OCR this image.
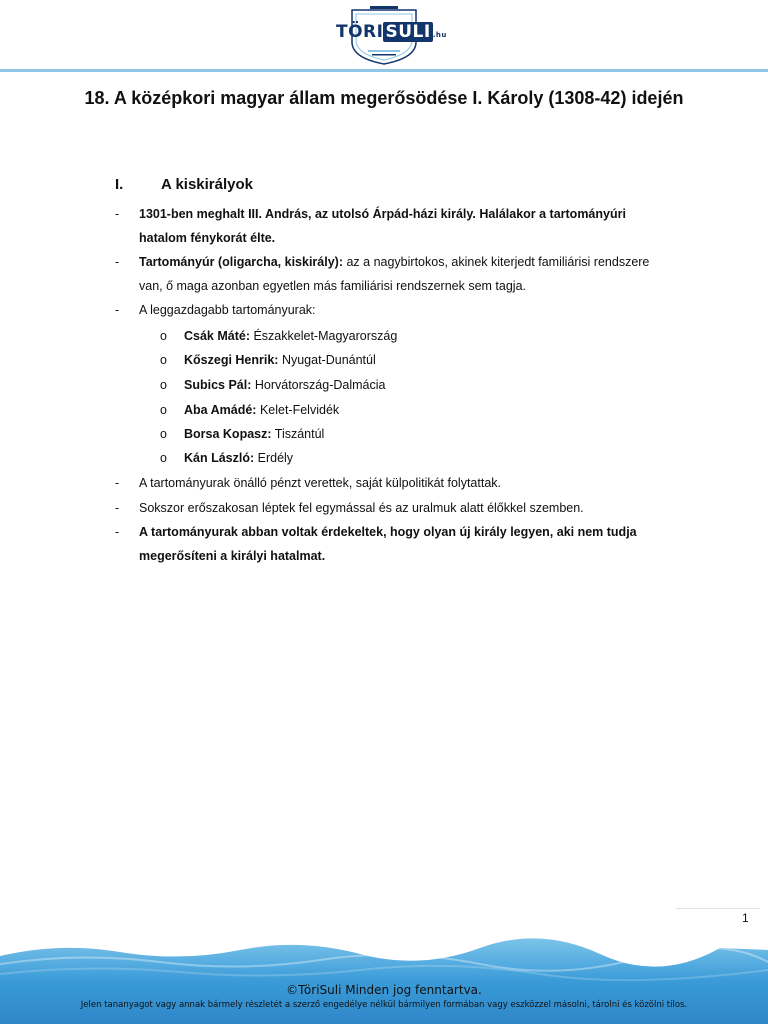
TÖRI SULI .hu
18. A középkori magyar állam megerősödése I. Károly (1308-42) idején
I.	A kiskirályok
- 1301-ben meghalt III. András, az utolsó Árpád-házi király. Halálakor a tartományúri hatalom fénykorát élte.
- Tartományúr (oligarcha, kiskirály): az a nagybirtokos, akinek kiterjedt familiárisi rendszere van, ő maga azonban egyetlen más familiárisi rendszernek sem tagja.
- A leggazdagabb tartományurak:
o Csák Máté: Északkelet-Magyarország
o Kőszegi Henrik: Nyugat-Dunántúl
o Subics Pál: Horvátország-Dalmácia
o Aba Amádé: Kelet-Felvidék
o Borsa Kopasz: Tiszántúl
o Kán László: Erdély
- A tartományurak önálló pénzt verettek, saját külpolitikát folytattak.
- Sokszor erőszakosan léptek fel egymással és az uralmuk alatt élőkkel szemben.
- A tartományurak abban voltak érdekeltek, hogy olyan új király legyen, aki nem tudja megerősíteni a királyi hatalmat.
1
©TöriSuli Minden jog fenntartva.
Jelen tananyagot vagy annak bármely részletét a szerző engedélye nélkül bármilyen formában vagy eszközzel másolni, tárolni és közölni tilos.
